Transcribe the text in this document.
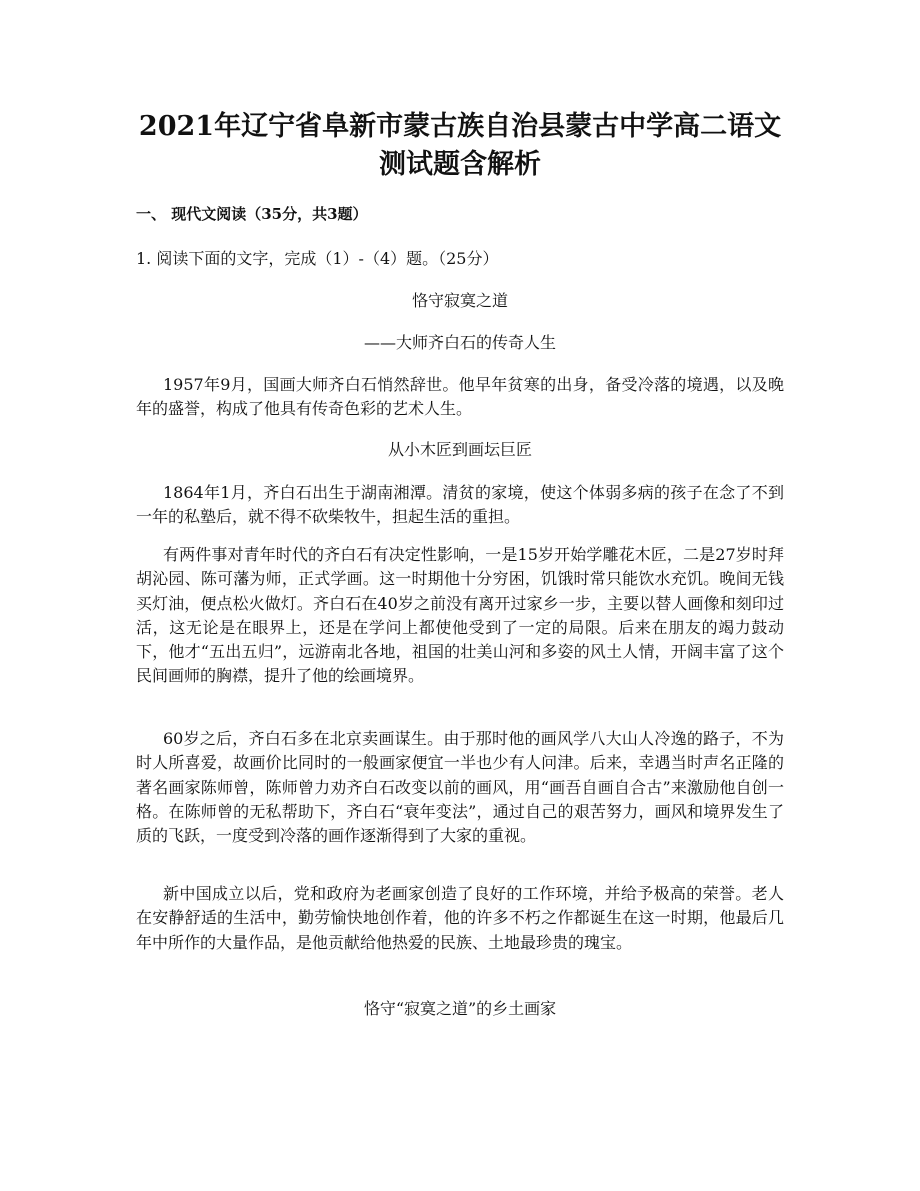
2021年辽宁省阜新市蒙古族自治县蒙古中学高二语文
测试题含解析

一、 现代文阅读（35分，共3题）

1. 阅读下面的文字，完成（1）-（4）题。（25分）

恪守寂寞之道

——大师齐白石的传奇人生

1957年9月，国画大师齐白石悄然辞世。他早年贫寒的出身，备受冷落的境遇，以及晚年的盛誉，构成了他具有传奇色彩的艺术人生。

从小木匠到画坛巨匠

1864年1月，齐白石出生于湖南湘潭。清贫的家境，使这个体弱多病的孩子在念了不到一年的私塾后，就不得不砍柴牧牛，担起生活的重担。

有两件事对青年时代的齐白石有决定性影响，一是15岁开始学雕花木匠，二是27岁时拜胡沁园、陈可藩为师，正式学画。这一时期他十分穷困，饥饿时常只能饮水充饥。晚间无钱买灯油，便点松火做灯。齐白石在40岁之前没有离开过家乡一步，主要以替人画像和刻印过活，这无论是在眼界上，还是在学问上都使他受到了一定的局限。后来在朋友的竭力鼓动下，他才“五出五归”，远游南北各地，祖国的壮美山河和多姿的风土人情，开阔丰富了这个民间画师的胸襟，提升了他的绘画境界。

60岁之后，齐白石多在北京卖画谋生。由于那时他的画风学八大山人冷逸的路子，不为时人所喜爱，故画价比同时的一般画家便宜一半也少有人问津。后来，幸遇当时声名正隆的著名画家陈师曾，陈师曾力劝齐白石改变以前的画风，用“画吾自画自合古”来激励他自创一格。在陈师曾的无私帮助下，齐白石“衰年变法”，通过自己的艰苦努力，画风和境界发生了质的飞跃，一度受到冷落的画作逐渐得到了大家的重视。

新中国成立以后，党和政府为老画家创造了良好的工作环境，并给予极高的荣誉。老人在安静舒适的生活中，勤劳愉快地创作着，他的许多不朽之作都诞生在这一时期，他最后几年中所作的大量作品，是他贡献给他热爱的民族、土地最珍贵的瑰宝。

恪守“寂寞之道”的乡土画家
